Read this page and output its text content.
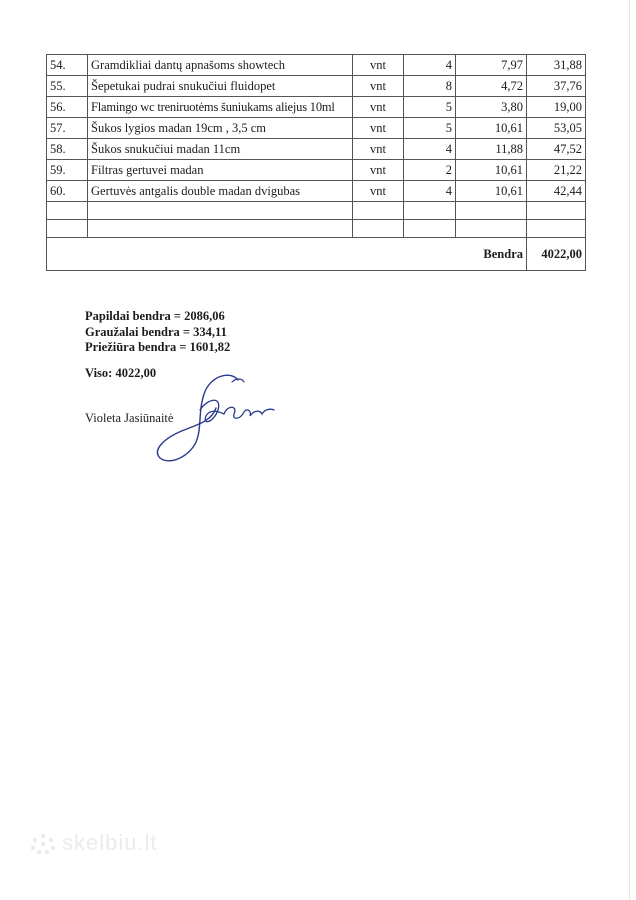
54.	Gramdikliai dantų apnašoms showtech	vnt	4	7,97	31,88
55.	Šepetukai pudrai snukučiui fluidopet	vnt	8	4,72	37,76
56.	Flamingo wc treniruotėms šuniukams aliejus 10ml	vnt	5	3,80	19,00
57.	Šukos lygios madan 19cm , 3,5 cm	vnt	5	10,61	53,05
58.	Šukos snukučiui madan 11cm	vnt	4	11,88	47,52
59.	Filtras gertuvei madan	vnt	2	10,61	21,22
60.	Gertuvės antgalis double madan dvigubas	vnt	4	10,61	42,44

Bendra					4022,00
Papildai bendra = 2086,06
Graužalai bendra = 334,11
Priežiūra bendra = 1601,82
Viso: 4022,00
Violeta Jasiūnaitė
skelbiu.lt
